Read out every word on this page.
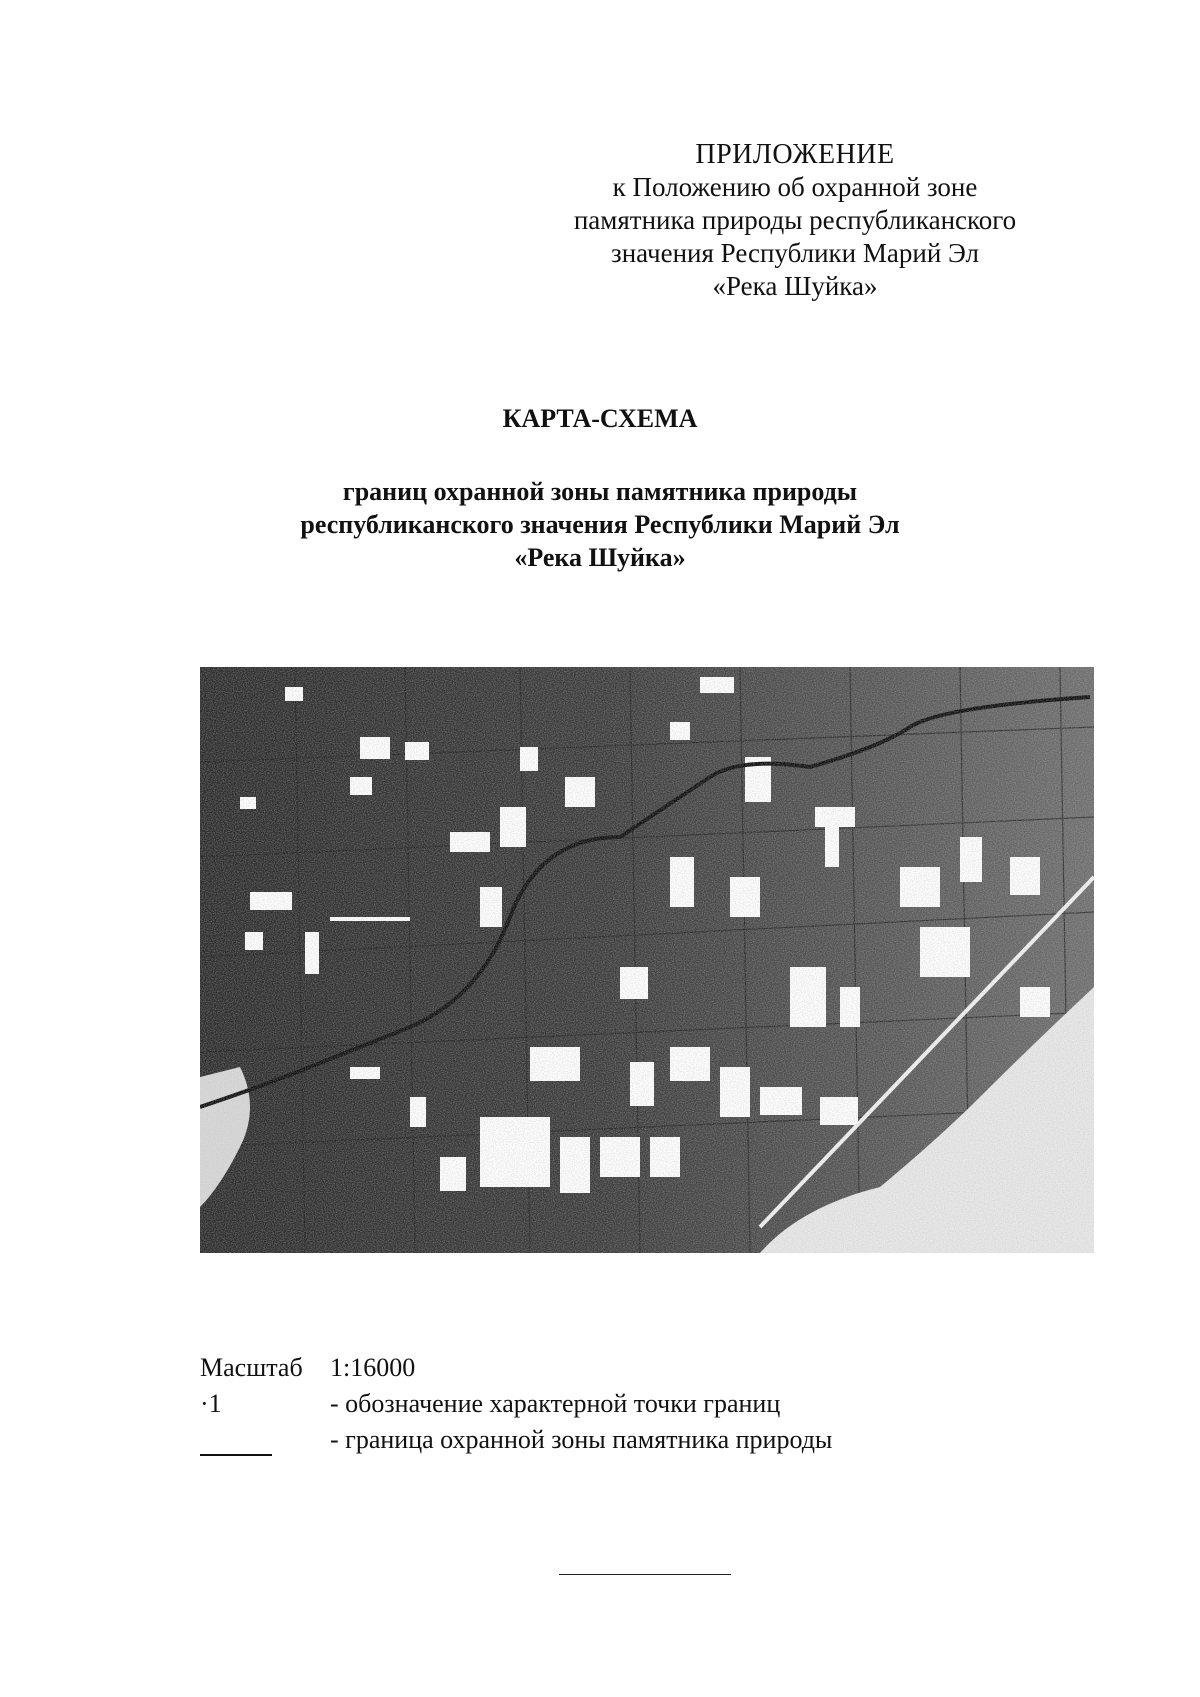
ПРИЛОЖЕНИЕ
к Положению об охранной зоне
памятника природы республиканского
значения Республики Марий Эл
«Река Шуйка»
КАРТА-СХЕМА
границ охранной зоны памятника природы
республиканского значения Республики Марий Эл
«Река Шуйка»
Масштаб	1:16000
·1	- обозначение характерной точки границ
- граница охранной зоны памятника природы
